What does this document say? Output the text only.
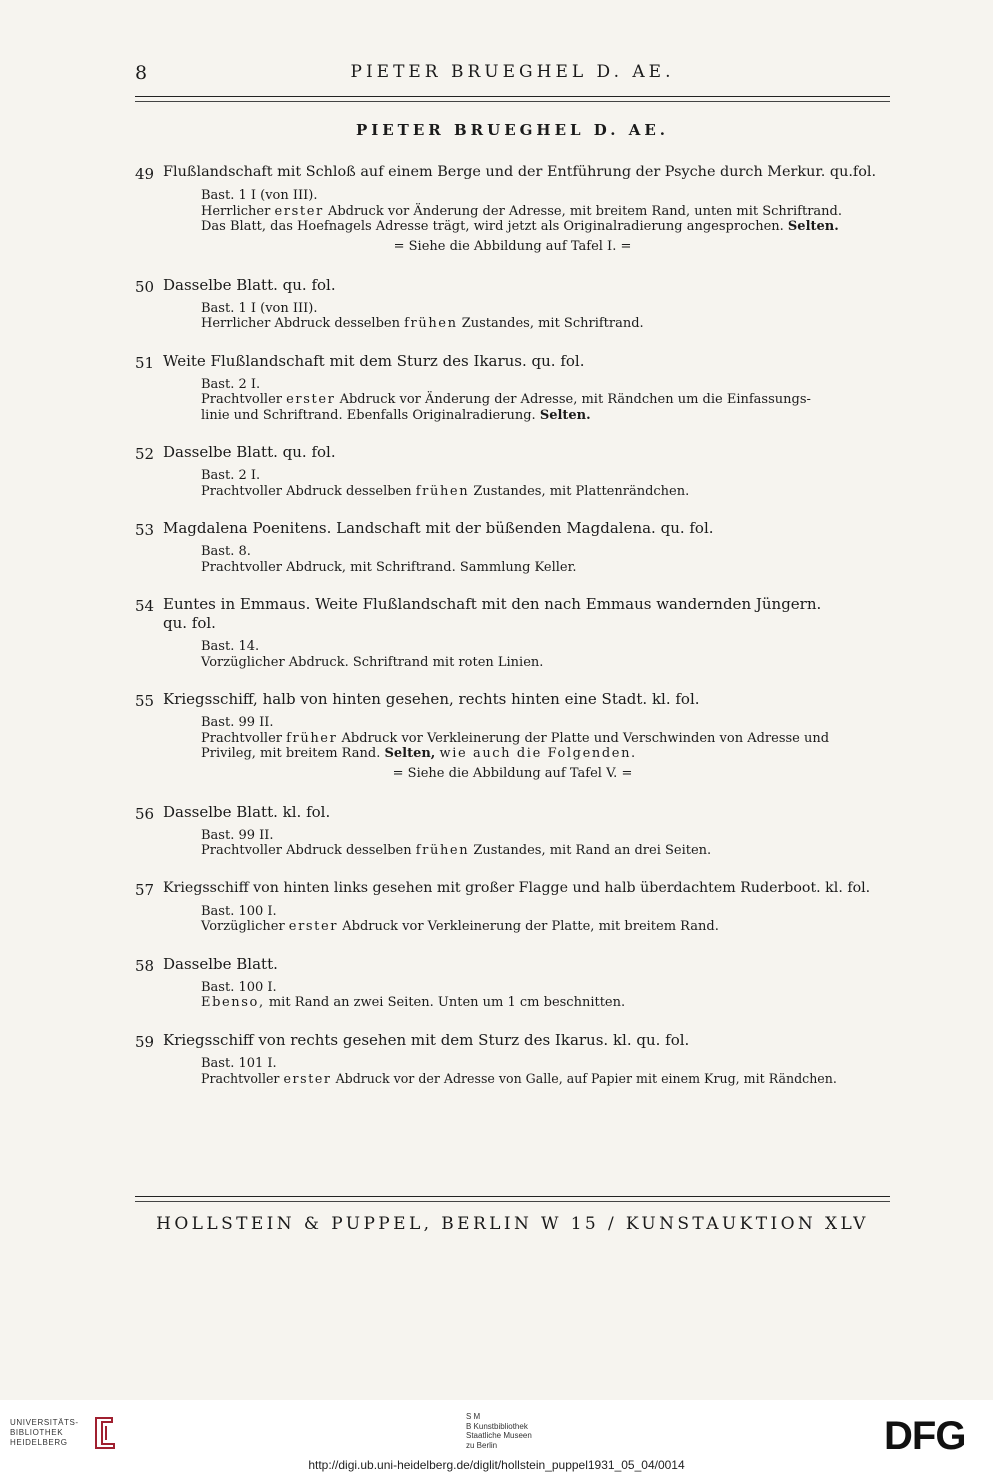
8	PIETER BRUEGHEL D. AE.
PIETER BRUEGHEL D. AE.
49 Flußlandschaft mit Schloß auf einem Berge und der Entführung der Psyche durch Merkur. qu.fol.
Bast. 1 I (von III).
Herrlicher erster Abdruck vor Änderung der Adresse, mit breitem Rand, unten mit Schriftrand.
Das Blatt, das Hoefnagels Adresse trägt, wird jetzt als Originalradierung angesprochen. Selten.
= Siehe die Abbildung auf Tafel I. =
50 Dasselbe Blatt. qu. fol.
Bast. 1 I (von III).
Herrlicher Abdruck desselben frühen Zustandes, mit Schriftrand.
51 Weite Flußlandschaft mit dem Sturz des Ikarus. qu. fol.
Bast. 2 I.
Prachtvoller erster Abdruck vor Änderung der Adresse, mit Rändchen um die Einfassungs-
linie und Schriftrand. Ebenfalls Originalradierung. Selten.
52 Dasselbe Blatt. qu. fol.
Bast. 2 I.
Prachtvoller Abdruck desselben frühen Zustandes, mit Plattenrändchen.
53 Magdalena Poenitens. Landschaft mit der büßenden Magdalena. qu. fol.
Bast. 8.
Prachtvoller Abdruck, mit Schriftrand. Sammlung Keller.
54 Euntes in Emmaus. Weite Flußlandschaft mit den nach Emmaus wandernden Jüngern.
qu. fol.
Bast. 14.
Vorzüglicher Abdruck. Schriftrand mit roten Linien.
55 Kriegsschiff, halb von hinten gesehen, rechts hinten eine Stadt. kl. fol.
Bast. 99 II.
Prachtvoller früher Abdruck vor Verkleinerung der Platte und Verschwinden von Adresse und
Privileg, mit breitem Rand. Selten, wie auch die Folgenden.
= Siehe die Abbildung auf Tafel V. =
56 Dasselbe Blatt. kl. fol.
Bast. 99 II.
Prachtvoller Abdruck desselben frühen Zustandes, mit Rand an drei Seiten.
57 Kriegsschiff von hinten links gesehen mit großer Flagge und halb überdachtem Ruderboot. kl. fol.
Bast. 100 I.
Vorzüglicher erster Abdruck vor Verkleinerung der Platte, mit breitem Rand.
58 Dasselbe Blatt.
Bast. 100 I.
Ebenso, mit Rand an zwei Seiten. Unten um 1 cm beschnitten.
59 Kriegsschiff von rechts gesehen mit dem Sturz des Ikarus. kl. qu. fol.
Bast. 101 I.
Prachtvoller erster Abdruck vor der Adresse von Galle, auf Papier mit einem Krug, mit Rändchen.
HOLLSTEIN & PUPPEL, BERLIN W 15 / KUNSTAUKTION XLV
UNIVERSITÄTS-
BIBLIOTHEK
HEIDELBERG
S M
B Kunstbibliothek
Staatliche Museen
zu Berlin	DFG
http://digi.ub.uni-heidelberg.de/diglit/hollstein_puppel1931_05_04/0014
